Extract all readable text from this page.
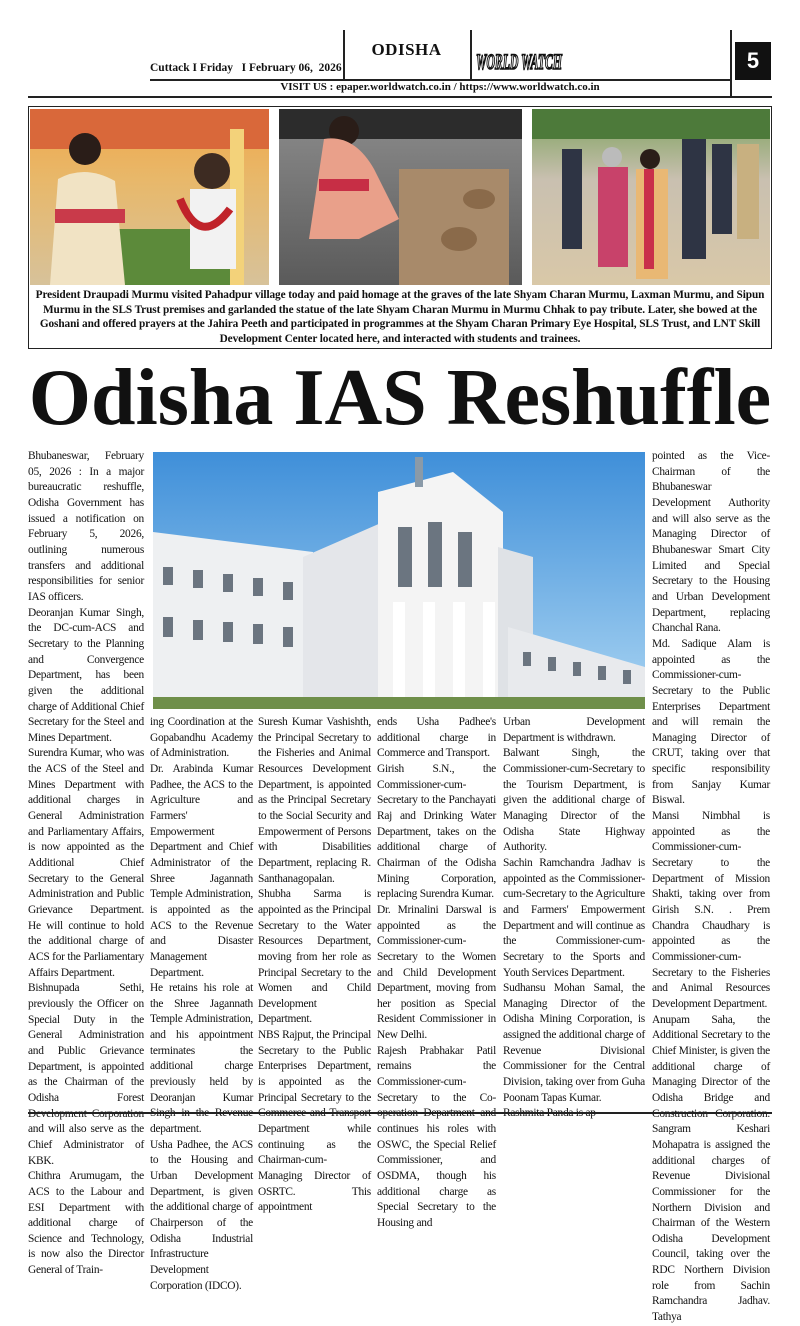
Cuttack I Friday   I February 06,  2026
ODISHA	WORLD WATCH	5
VISIT US : epaper.worldwatch.co.in / https://www.worldwatch.co.in
President Draupadi Murmu visited Pahadpur village today and paid homage at the graves of the late Shyam Charan Murmu, Laxman Murmu, and Sipun Murmu in the SLS Trust premises and garlanded the statue of the late Shyam Charan Murmu in Murmu Chhak to pay tribute. Later, she bowed at the Goshani and offered prayers at the Jahira Peeth and participated in programmes at the Shyam Charan Primary Eye Hospital, SLS Trust, and LNT Skill Development Center located here, and interacted with students and trainees.
Odisha IAS Reshuffle

Bhubaneswar, February 05, 2026 : In a major bureaucratic reshuffle, Odisha Government has issued a notification on February 5, 2026, outlining numerous transfers and additional responsibilities for senior IAS officers.

Deoranjan Kumar Singh, the DC-cum-ACS and Secretary to the Planning and Convergence Department, has been given the additional charge of Additional Chief Secretary for the Steel and Mines Department.

Surendra Kumar, who was the ACS of the Steel and Mines Department with additional charges in General Administration and Parliamentary Affairs, is now appointed as the Additional Chief Secretary to the General Administration and Public Grievance Department. He will continue to hold the additional charge of ACS for the Parliamentary Affairs Department.

Bishnupada Sethi, previously the Officer on Special Duty in the General Administration and Public Grievance Department, is appointed as the Chairman of the Odisha Forest and will also serve as the Chief Administrator of KBK.

Chithra Arumugam, the ACS to the Labour and ESI Department with additional charge of Science and Technology, is now also the Director General of Train-

ing Coordination at the Gopabandhu Academy of Administration.

Dr. Arabinda Kumar Padhee, the ACS to the Agriculture and Farmers' Empowerment Department and Chief Administrator of the Shree Jagannath Temple Administration, is appointed as the ACS to the Revenue and Disaster Management Department.

He retains his role at the Shree Jagannath Temple Administration, and his appointment terminates the additional charge previously held by Deoranjan Kumar department.

Usha Padhee, the ACS to the Housing and Urban Development Department, is given the additional charge of Chairperson of the Odisha Industrial Infrastructure Development Corporation (IDCO).

Suresh Kumar Vashishth, the Principal Secretary to the Fisheries and Animal Resources Development Department, is appointed as the Principal Secretary to the Social Security and Empowerment of Persons with Disabilities Department, replacing R. Santhanagopalan.

Shubha Sarma is appointed as the Principal Secretary to the Water Resources Department, moving from her role as Principal Secretary to the Women and Child Development Department.

NBS Rajput, the Principal Secretary to the Public Enterprises Department, is appointed as the Principal Secretary to the Department while continuing as the Chairman-cum-Managing Director of OSRTC. This appointment

ends Usha Padhee's additional charge in Commerce and Transport.

Girish S.N., the Commissioner-cum-Secretary to the Panchayati Raj and Drinking Water Department, takes on the additional charge of Chairman of the Odisha Mining Corporation, replacing Surendra Kumar.

Dr. Mrinalini Darswal is appointed as the Commissioner-cum-Secretary to the Women and Child Development Department, moving from her position as Special Resident Commissioner in New Delhi.

Rajesh Prabhakar Patil remains the Commissioner-cum-Secretary to the Co- continues his roles with OSWC, the Special Relief Commissioner, and OSDMA, though his additional charge as Special Secretary to the Housing and

Urban Development Department is withdrawn.

Balwant Singh, the Commissioner-cum-Secretary to the Tourism Department, is given the additional charge of Managing Director of the Odisha State Highway Authority.

Sachin Ramchandra Jadhav is appointed as the Commissioner-cum-Secretary to the Agriculture and Farmers' Empowerment Department and will continue as the Commissioner-cum-Secretary to the Sports and Youth Services Department.

Sudhansu Mohan Samal, the Managing Director of the Odisha Mining Corporation, is assigned the additional charge of Revenue Divisional Commissioner for the Central Division, taking over from Guha Poonam Tapas Kumar.

pointed as the Vice-Chairman of the Bhubaneswar Development Authority and will also serve as the Managing Director of Bhubaneswar Smart City Limited and Special Secretary to the Housing and Urban Development Department, replacing Chanchal Rana.

Md. Sadique Alam is appointed as the Commissioner-cum-Secretary to the Public Enterprises Department and will remain the Managing Director of CRUT, taking over that specific responsibility from Sanjay Kumar Biswal.

Mansi Nimbhal is appointed as the Commissioner-cum-Secretary to the Department of Mission Shakti, taking over from Girish S.N. . Prem Chandra Chaudhary is appointed as the Commissioner-cum-Secretary to the Fisheries and Animal Resources Development Department.

Anupam Saha, the Additional Secretary to the Chief Minister, is given the additional charge of Managing Director of the Odisha Bridge and Sangram Keshari Mohapatra is assigned the additional charges of Revenue Divisional Commissioner for the Northern Division and Chairman of the Western Odisha Development Council, taking over the RDC Northern Division role from Sachin Ramchandra Jadhav. Tathya
